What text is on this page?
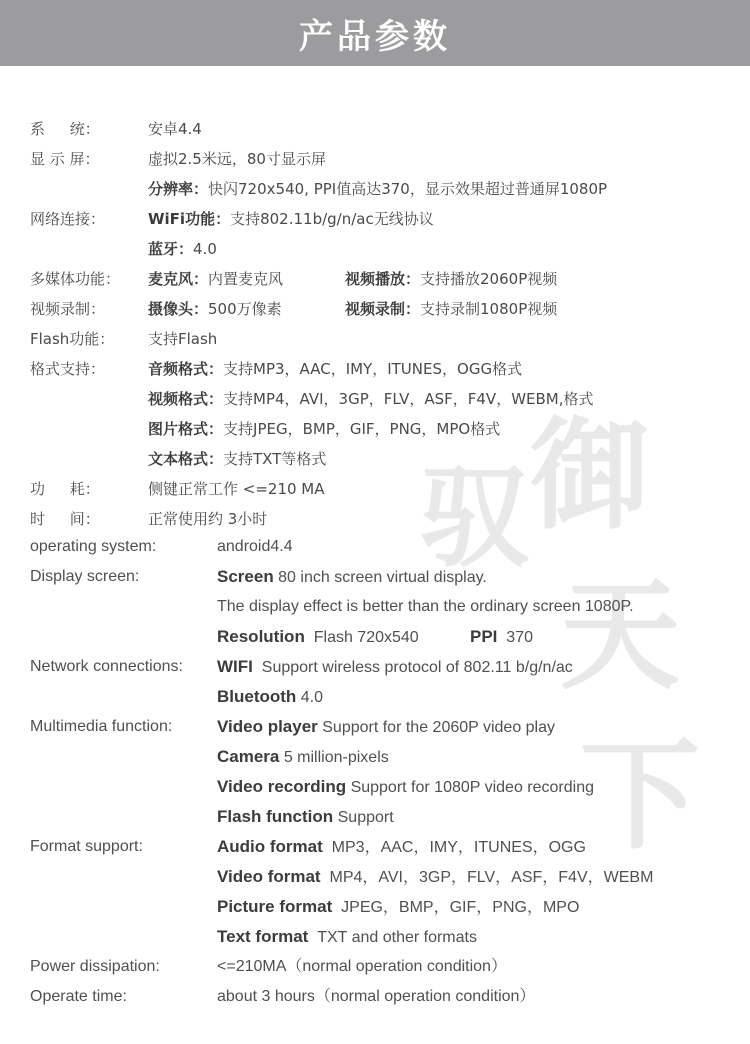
产品参数
御
驭
天
下
系 统：	安卓4.4
显 示 屏：	虚拟2.5米远，80寸显示屏
分辨率：快闪720x540, PPI值高达370，显示效果超过普通屏1080P
网络连接：	WiFi功能：支持802.11b/g/n/ac无线协议
蓝牙：4.0
多媒体功能： 麦克风：内置麦克风	视频播放：支持播放2060P视频
视频录制：	摄像头：500万像素	视频录制：支持录制1080P视频
Flash功能： 支持Flash
格式支持：	音频格式：支持MP3，AAC，IMY，ITUNES，OGG格式
视频格式：支持MP4，AVI，3GP，FLV，ASF，F4V，WEBM,格式
图片格式：支持JPEG，BMP，GIF，PNG，MPO格式
文本格式：支持TXT等格式
功 耗：	侧键正常工作 <=210 MA
时 间：	正常使用约 3小时
operating system:	android4.4
Display screen:	Screen 80 inch screen virtual display.
The display effect is better than the ordinary screen 1080P.
Resolution Flash 720x540	PPI 370
Network connections: WIFI Support wireless protocol of 802.11 b/g/n/ac
Bluetooth 4.0
Multimedia function:	Video player Support for the 2060P video play
Camera 5 million-pixels
Video recording Support for 1080P video recording
Flash function Support
Format support:	Audio format MP3，AAC，IMY，ITUNES，OGG
Video format MP4，AVI，3GP，FLV，ASF，F4V，WEBM
Picture format JPEG，BMP，GIF，PNG，MPO
Text format TXT and other formats
Power dissipation:	<=210MA（normal operation condition）
Operate time:	about 3 hours（normal operation condition）
